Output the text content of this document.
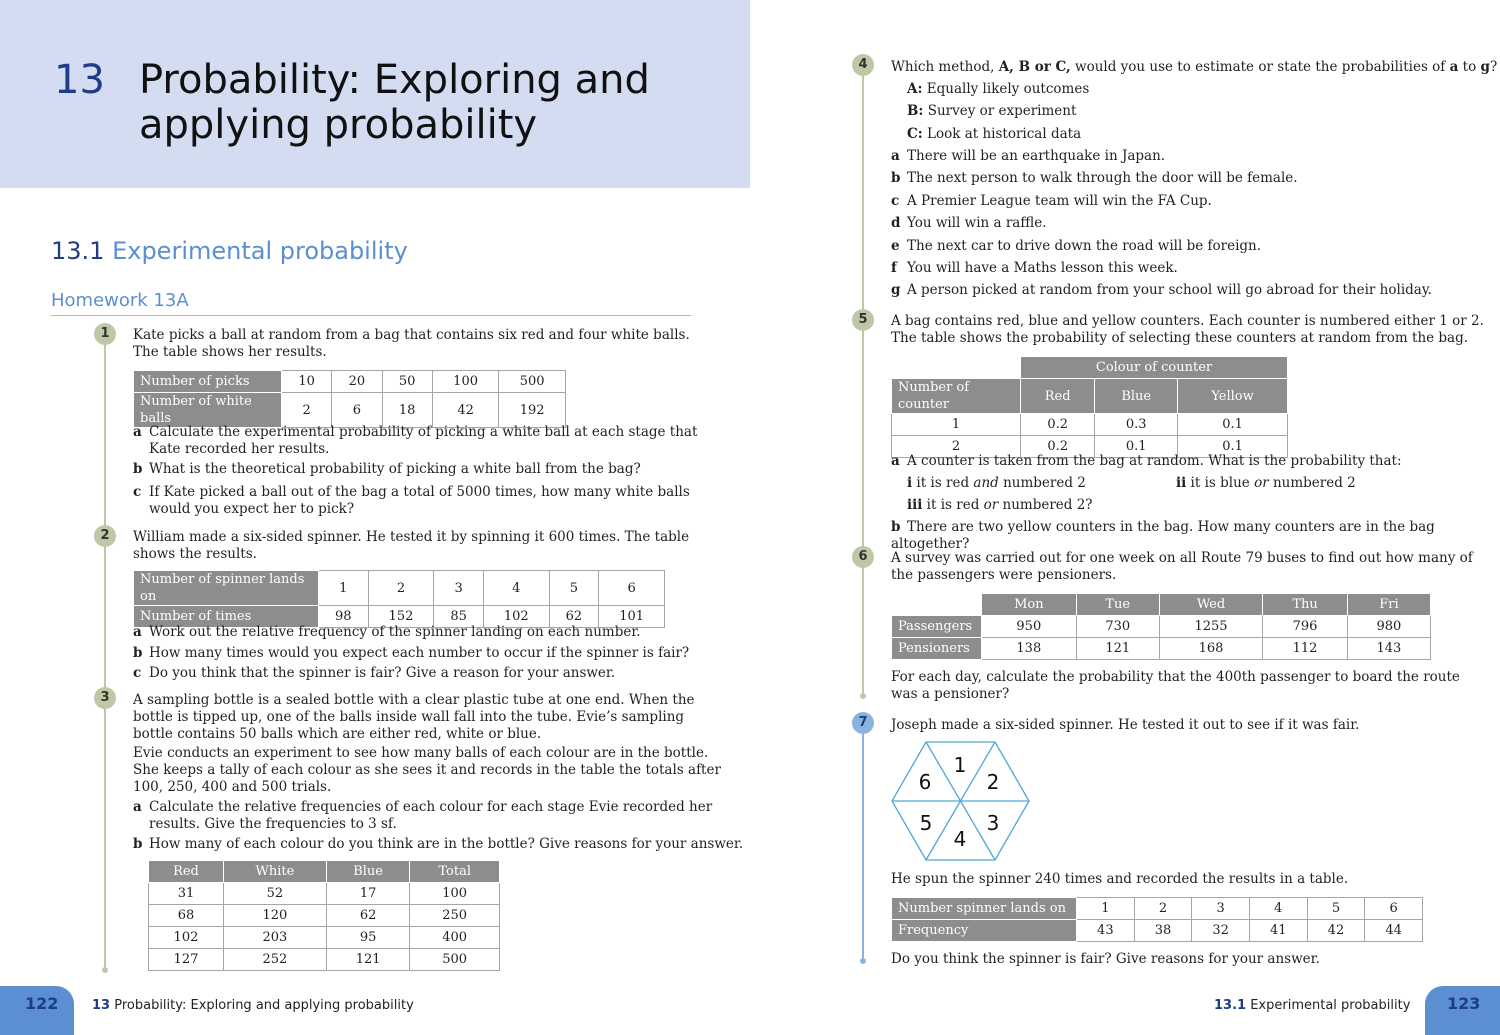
13 Probability: Exploring and
applying probability
13.1 Experimental probability
Homework 13A
1	Kate picks a ball at random from a bag that contains six red and four white balls.
The table shows her results.
Number of picks	10	20	50	100	500
Number of white balls	2	6	18	42	192
a Calculate the experimental probability of picking a white ball at each stage that
Kate recorded her results.
b What is the theoretical probability of picking a white ball from the bag?
c If Kate picked a ball out of the bag a total of 5000 times, how many white balls
would you expect her to pick?
2	William made a six-sided spinner. He tested it by spinning it 600 times. The table
shows the results.
Number of spinner lands on	1	2	3	4	5	6
Number of times	98	152	85	102	62	101
a Work out the relative frequency of the spinner landing on each number.
b How many times would you expect each number to occur if the spinner is fair?
c Do you think that the spinner is fair? Give a reason for your answer.
3	A sampling bottle is a sealed bottle with a clear plastic tube at one end. When the
bottle is tipped up, one of the balls inside wall fall into the tube. Evie’s sampling
bottle contains 50 balls which are either red, white or blue.
Evie conducts an experiment to see how many balls of each colour are in the bottle.
She keeps a tally of each colour as she sees it and records in the table the totals after
100, 250, 400 and 500 trials.
a Calculate the relative frequencies of each colour for each stage Evie recorded her
results. Give the frequencies to 3 sf.
b How many of each colour do you think are in the bottle? Give reasons for your answer.
Red	White	Blue	Total
31	52	17	100
68	120	62	250
102	203	95	400
127	252	121	500
4	Which method, A, B or C, would you use to estimate or state the probabilities of a to g?
A: Equally likely outcomes
B: Survey or experiment
C: Look at historical data
a There will be an earthquake in Japan.
b The next person to walk through the door will be female.
c A Premier League team will win the FA Cup.
d You will win a raffle.
e The next car to drive down the road will be foreign.
f You will have a Maths lesson this week.
g A person picked at random from your school will go abroad for their holiday.
5	A bag contains red, blue and yellow counters. Each counter is numbered either 1 or 2.
The table shows the probability of selecting these counters at random from the bag.
	Colour of counter		
Number of counter	Red	Blue	Yellow
1	0.2	0.3	0.1
2	0.2	0.1	0.1
a A counter is taken from the bag at random. What is the probability that:
i it is red and numbered 2	ii it is blue or numbered 2
iii it is red or numbered 2?
b There are two yellow counters in the bag. How many counters are in the bag altogether?
6	A survey was carried out for one week on all Route 79 buses to find out how many of
the passengers were pensioners.
	Mon	Tue	Wed	Thu	Fri
Passengers	950	730	1255	796	980
Pensioners	138	121	168	112	143
For each day, calculate the probability that the 400th passenger to board the route
was a pensioner?
7	Joseph made a six-sided spinner. He tested it out to see if it was fair.
1
2
3
4
5
6
He spun the spinner 240 times and recorded the results in a table.
Number spinner lands on	1	2	3	4	5	6
Frequency	43	38	32	41	42	44
Do you think the spinner is fair? Give reasons for your answer.
122	13 Probability: Exploring and applying probability	13.1 Experimental probability 123
